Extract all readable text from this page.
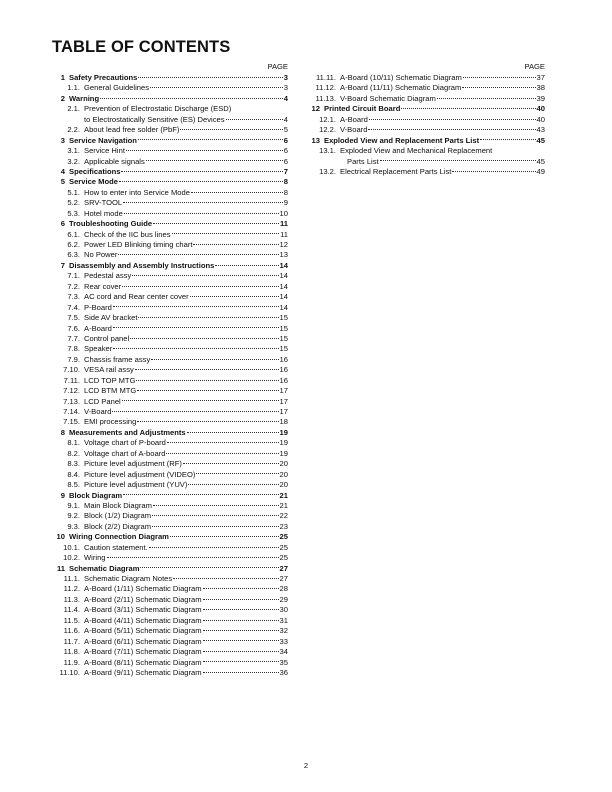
TABLE OF CONTENTS
PAGE
1 Safety Precautions	3
1.1. General Guidelines	3
2 Warning	4
2.1. Prevention of Electrostatic Discharge (ESD)
to Electrostatically Sensitive (ES) Devices	4
2.2. About lead free solder (PbF)	5
3 Service Navigation	6
3.1. Service Hint	6
3.2. Applicable signals	6
4 Specifications	7
5 Service Mode	8
5.1. How to enter into Service Mode	8
5.2. SRV-TOOL	9
5.3. Hotel mode	10
6 Troubleshooting Guide	11
6.1. Check of the IIC bus lines	11
6.2. Power LED Blinking timing chart	12
6.3. No Power	13
7 Disassembly and Assembly Instructions	14
7.1. Pedestal assy	14
7.2. Rear cover	14
7.3. AC cord and Rear center cover	14
7.4. P-Board	14
7.5. Side AV bracket	15
7.6. A-Board	15
7.7. Control panel	15
7.8. Speaker	15
7.9. Chassis frame assy	16
7.10. VESA rail assy	16
7.11. LCD TOP MTG	16
7.12. LCD BTM MTG	17
7.13. LCD Panel	17
7.14. V-Board	17
7.15. EMI processing	18
8 Measurements and Adjustments	19
8.1. Voltage chart of P-board	19
8.2. Voltage chart of A-board	19
8.3. Picture level adjustment (RF)	20
8.4. Picture level adjustment (VIDEO)	20
8.5. Picture level adjustment (YUV)	20
9 Block Diagram	21
9.1. Main Block Diagram	21
9.2. Block (1/2) Diagram	22
9.3. Block (2/2) Diagram	23
10 Wiring Connection Diagram	25
10.1. Caution statement.	25
10.2. Wiring	25
11 Schematic Diagram	27
11.1. Schematic Diagram Notes	27
11.2. A-Board (1/11) Schematic Diagram	28
11.3. A-Board (2/11) Schematic Diagram	29
11.4. A-Board (3/11) Schematic Diagram	30
11.5. A-Board (4/11) Schematic Diagram	31
11.6. A-Board (5/11) Schematic Diagram	32
11.7. A-Board (6/11) Schematic Diagram	33
11.8. A-Board (7/11) Schematic Diagram	34
11.9. A-Board (8/11) Schematic Diagram	35
11.10. A-Board (9/11) Schematic Diagram	36
PAGE
11.11. A-Board (10/11) Schematic Diagram	37
11.12. A-Board (11/11) Schematic Diagram	38
11.13. V-Board Schematic Diagram	39
12 Printed Circuit Board	40
12.1. A-Board	40
12.2. V-Board	43
13 Exploded View and Replacement Parts List	45
13.1. Exploded View and Mechanical Replacement
Parts List	45
13.2. Electrical Replacement Parts List	49
2
